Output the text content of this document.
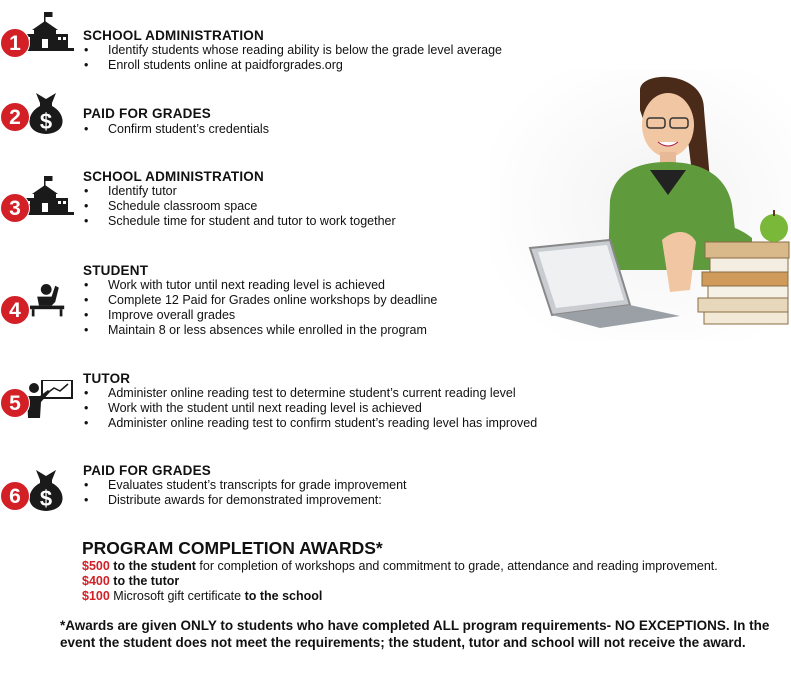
1	SCHOOL ADMINISTRATION
• Identify students whose reading ability is below the grade level average
• Enroll students online at paidforgrades.org
$
2	PAID FOR GRADES
• Confirm student’s credentials
3
SCHOOL ADMINISTRATION
• Identify tutor
• Schedule classroom space
• Schedule time for student and tutor to work together
4
STUDENT
• Work with tutor until next reading level is achieved
• Complete 12 Paid for Grades online workshops by deadline
• Improve overall grades
• Maintain 8 or less absences while enrolled in the program
5
TUTOR
• Administer online reading test to determine student’s current reading level
• Work with the student until next reading level is achieved
• Administer online reading test to confirm student’s reading level has improved
$
6
PAID FOR GRADES
• Evaluates student’s transcripts for grade improvement
• Distribute awards for demonstrated improvement:
PROGRAM COMPLETION AWARDS*
$500 to the student for completion of workshops and commitment to grade, attendance and reading improvement.
$400 to the tutor
$100 Microsoft gift certificate to the school
*Awards are given ONLY to students who have completed ALL program requirements- NO EXCEPTIONS. In the event the student does not meet the requirements; the student, tutor and school will not receive the award.
